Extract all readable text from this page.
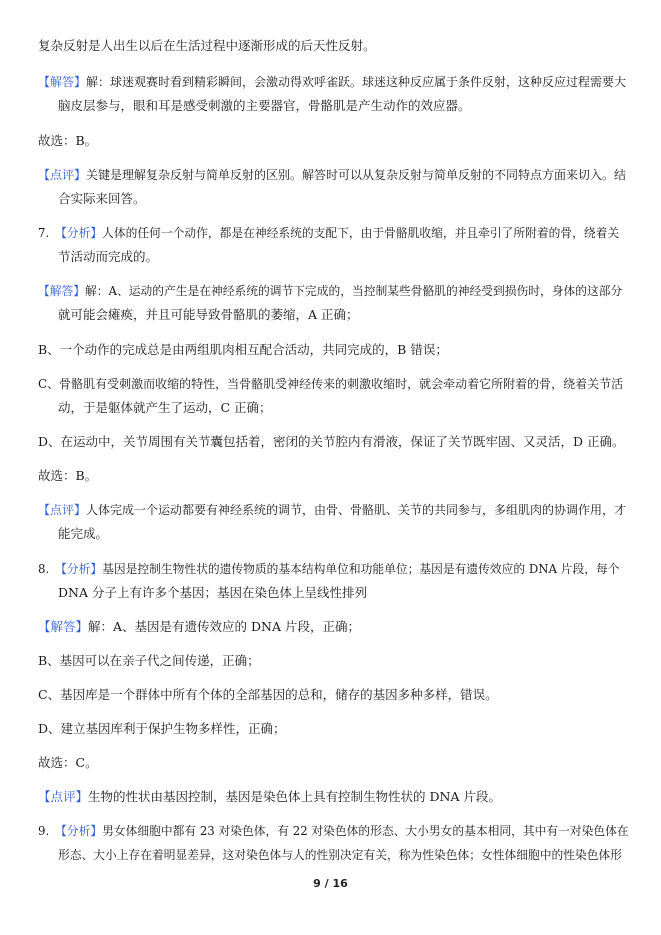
复杂反射是人出生以后在生活过程中逐渐形成的后天性反射。
【解答】解：球迷观赛时看到精彩瞬间，会激动得欢呼雀跃。球迷这种反应属于条件反射，这种反应过程需要大
脑皮层参与，眼和耳是感受刺激的主要器官，骨骼肌是产生动作的效应器。
故选：B。
【点评】关键是理解复杂反射与简单反射的区别。解答时可以从复杂反射与简单反射的不同特点方面来切入。结
合实际来回答。
7.　【分析】人体的任何一个动作，都是在神经系统的支配下，由于骨骼肌收缩，并且牵引了所附着的骨，绕着关
节活动而完成的。
【解答】解：A、运动的产生是在神经系统的调节下完成的，当控制某些骨骼肌的神经受到损伤时，身体的这部分
就可能会瘫痪，并且可能导致骨骼肌的萎缩，A 正确；
B、一个动作的完成总是由两组肌肉相互配合活动，共同完成的，B 错误；
C、骨骼肌有受刺激而收缩的特性，当骨骼肌受神经传来的刺激收缩时，就会牵动着它所附着的骨，绕着关节活
动，于是躯体就产生了运动，C 正确；
D、在运动中，关节周围有关节囊包括着，密闭的关节腔内有滑液，保证了关节既牢固、又灵活，D 正确。
故选：B。
【点评】人体完成一个运动都要有神经系统的调节，由骨、骨骼肌、关节的共同参与，多组肌肉的协调作用，才
能完成。
8.　【分析】基因是控制生物性状的遗传物质的基本结构单位和功能单位；基因是有遗传效应的 DNA 片段，每个
DNA 分子上有许多个基因；基因在染色体上呈线性排列
【解答】解：A、基因是有遗传效应的 DNA 片段，正确；
B、基因可以在亲子代之间传递，正确；
C、基因库是一个群体中所有个体的全部基因的总和，储存的基因多种多样，错误。
D、建立基因库利于保护生物多样性，正确；
故选：C。
【点评】生物的性状由基因控制，基因是染色体上具有控制生物性状的 DNA 片段。
9.　【分析】男女体细胞中都有 23 对染色体，有 22 对染色体的形态、大小男女的基本相同，其中有一对染色体在
形态、大小上存在着明显差异，这对染色体与人的性别决定有关，称为性染色体；女性体细胞中的性染色体形
9 / 16
